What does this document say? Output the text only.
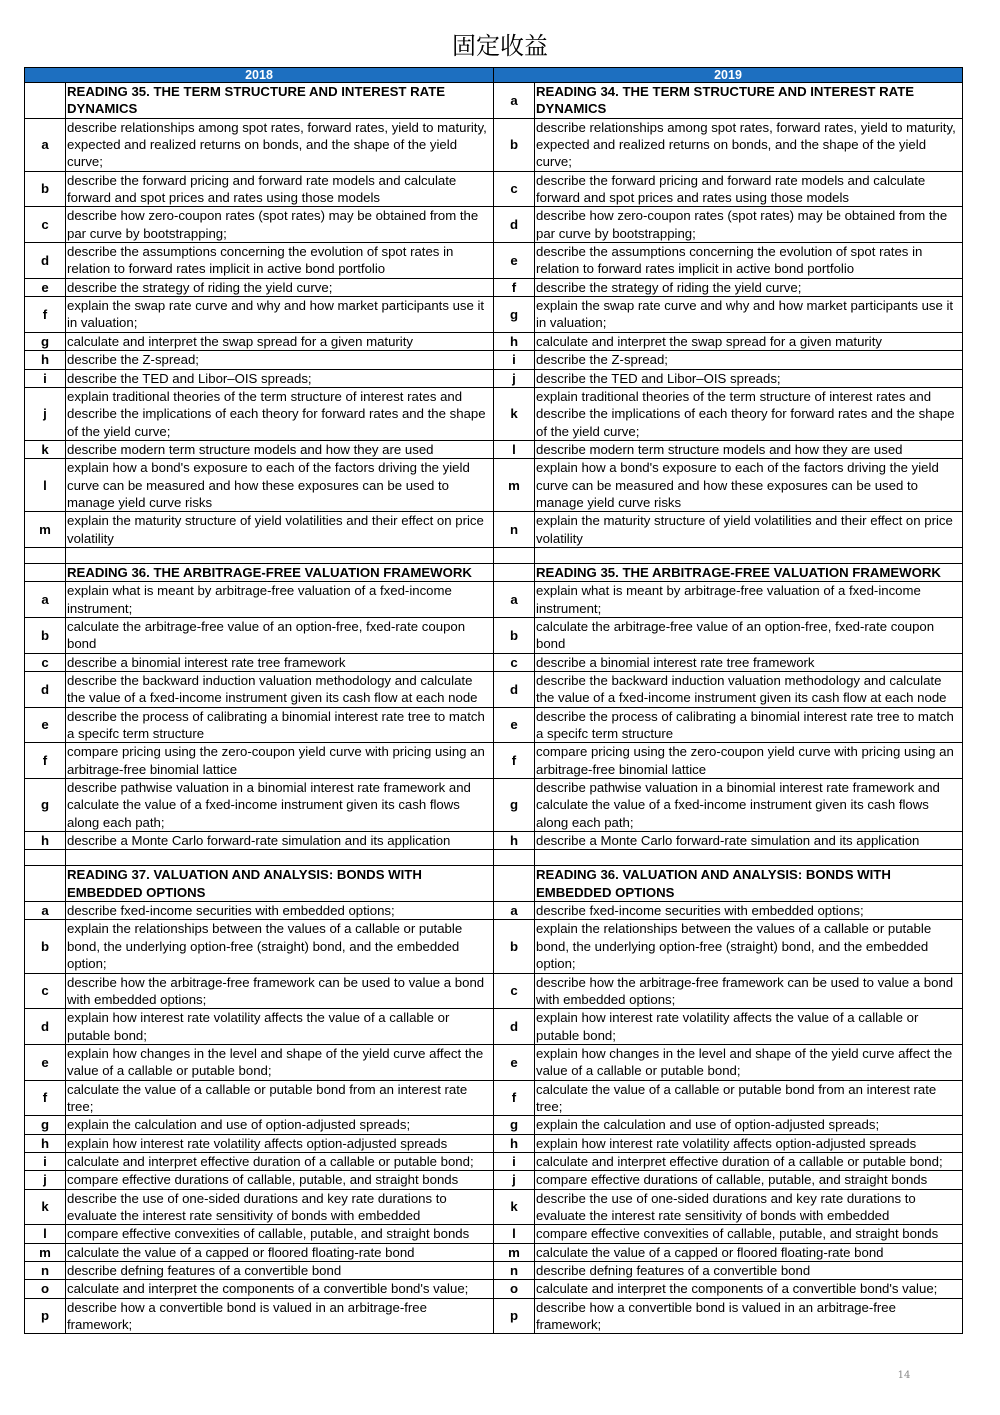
固定收益
2018		2019	
	READING 35. THE TERM STRUCTURE AND INTEREST RATE DYNAMICS	a	READING 34. THE TERM STRUCTURE AND INTEREST RATE DYNAMICS
a	describe relationships among spot rates, forward rates, yield to maturity, expected and realized returns on bonds, and the shape of the yield curve;	b	describe relationships among spot rates, forward rates, yield to maturity, expected and realized returns on bonds, and the shape of the yield curve;
b	describe the forward pricing and forward rate models and calculate forward and spot prices and rates using those models	c	describe the forward pricing and forward rate models and calculate forward and spot prices and rates using those models
c	describe how zero-coupon rates (spot rates) may be obtained from the par curve by bootstrapping;	d	describe how zero-coupon rates (spot rates) may be obtained from the par curve by bootstrapping;
d	describe the assumptions concerning the evolution of spot rates in relation to forward rates implicit in active bond portfolio	e	describe the assumptions concerning the evolution of spot rates in relation to forward rates implicit in active bond portfolio
e	describe the strategy of riding the yield curve;	f	describe the strategy of riding the yield curve;
f	explain the swap rate curve and why and how market participants use it in valuation;	g	explain the swap rate curve and why and how market participants use it in valuation;
g	calculate and interpret the swap spread for a given maturity	h	calculate and interpret the swap spread for a given maturity
h	describe the Z-spread;	i	describe the Z-spread;
i	describe the TED and Libor–OIS spreads;	j	describe the TED and Libor–OIS spreads;
j	explain traditional theories of the term structure of interest rates and describe the implications of each theory for forward rates and the shape of the yield curve;	k	explain traditional theories of the term structure of interest rates and describe the implications of each theory for forward rates and the shape of the yield curve;
k	describe modern term structure models and how they are used	l	describe modern term structure models and how they are used
l	explain how a bond's exposure to each of the factors driving the yield curve can be measured and how these exposures can be used to manage yield curve risks	m	explain how a bond's exposure to each of the factors driving the yield curve can be measured and how these exposures can be used to manage yield curve risks
m	explain the maturity structure of yield volatilities and their effect on price volatility	n	explain the maturity structure of yield volatilities and their effect on price volatility

	READING 36. THE ARBITRAGE-FREE VALUATION FRAMEWORK		READING 35. THE ARBITRAGE-FREE VALUATION FRAMEWORK
a	explain what is meant by arbitrage-free valuation of a fxed-income instrument;	a	explain what is meant by arbitrage-free valuation of a fxed-income instrument;
b	calculate the arbitrage-free value of an option-free, fxed-rate coupon bond	b	calculate the arbitrage-free value of an option-free, fxed-rate coupon bond
c	describe a binomial interest rate tree framework	c	describe a binomial interest rate tree framework
d	describe the backward induction valuation methodology and calculate the value of a fxed-income instrument given its cash flow at each node	d	describe the backward induction valuation methodology and calculate the value of a fxed-income instrument given its cash flow at each node
e	describe the process of calibrating a binomial interest rate tree to match a specifc term structure	e	describe the process of calibrating a binomial interest rate tree to match a specifc term structure
f	compare pricing using the zero-coupon yield curve with pricing using an arbitrage-free binomial lattice	f	compare pricing using the zero-coupon yield curve with pricing using an arbitrage-free binomial lattice
g	describe pathwise valuation in a binomial interest rate framework and calculate the value of a fxed-income instrument given its cash flows along each path;	g	describe pathwise valuation in a binomial interest rate framework and calculate the value of a fxed-income instrument given its cash flows along each path;
h	describe a Monte Carlo forward-rate simulation and its application	h	describe a Monte Carlo forward-rate simulation and its application

	READING 37. VALUATION AND ANALYSIS: BONDS WITH EMBEDDED OPTIONS		READING 36. VALUATION AND ANALYSIS: BONDS WITH EMBEDDED OPTIONS
a	describe fxed-income securities with embedded options;	a	describe fxed-income securities with embedded options;
b	explain the relationships between the values of a callable or putable bond, the underlying option-free (straight) bond, and the embedded option;	b	explain the relationships between the values of a callable or putable bond, the underlying option-free (straight) bond, and the embedded option;
c	describe how the arbitrage-free framework can be used to value a bond with embedded options;	c	describe how the arbitrage-free framework can be used to value a bond with embedded options;
d	explain how interest rate volatility affects the value of a callable or putable bond;	d	explain how interest rate volatility affects the value of a callable or putable bond;
e	explain how changes in the level and shape of the yield curve affect the value of a callable or putable bond;	e	explain how changes in the level and shape of the yield curve affect the value of a callable or putable bond;
f	calculate the value of a callable or putable bond from an interest rate tree;	f	calculate the value of a callable or putable bond from an interest rate tree;
g	explain the calculation and use of option-adjusted spreads;	g	explain the calculation and use of option-adjusted spreads;
h	explain how interest rate volatility affects option-adjusted spreads	h	explain how interest rate volatility affects option-adjusted spreads
i	calculate and interpret effective duration of a callable or putable bond;	i	calculate and interpret effective duration of a callable or putable bond;
j	compare effective durations of callable, putable, and straight bonds	j	compare effective durations of callable, putable, and straight bonds
k	describe the use of one-sided durations and key rate durations to evaluate the interest rate sensitivity of bonds with embedded	k	describe the use of one-sided durations and key rate durations to evaluate the interest rate sensitivity of bonds with embedded
l	compare effective convexities of callable, putable, and straight bonds	l	compare effective convexities of callable, putable, and straight bonds
m	calculate the value of a capped or floored floating-rate bond	m	calculate the value of a capped or floored floating-rate bond
n	describe defning features of a convertible bond	n	describe defning features of a convertible bond
o	calculate and interpret the components of a convertible bond's value;	o	calculate and interpret the components of a convertible bond's value;
p	describe how a convertible bond is valued in an arbitrage-free framework;	p	describe how a convertible bond is valued in an arbitrage-free framework;
14
